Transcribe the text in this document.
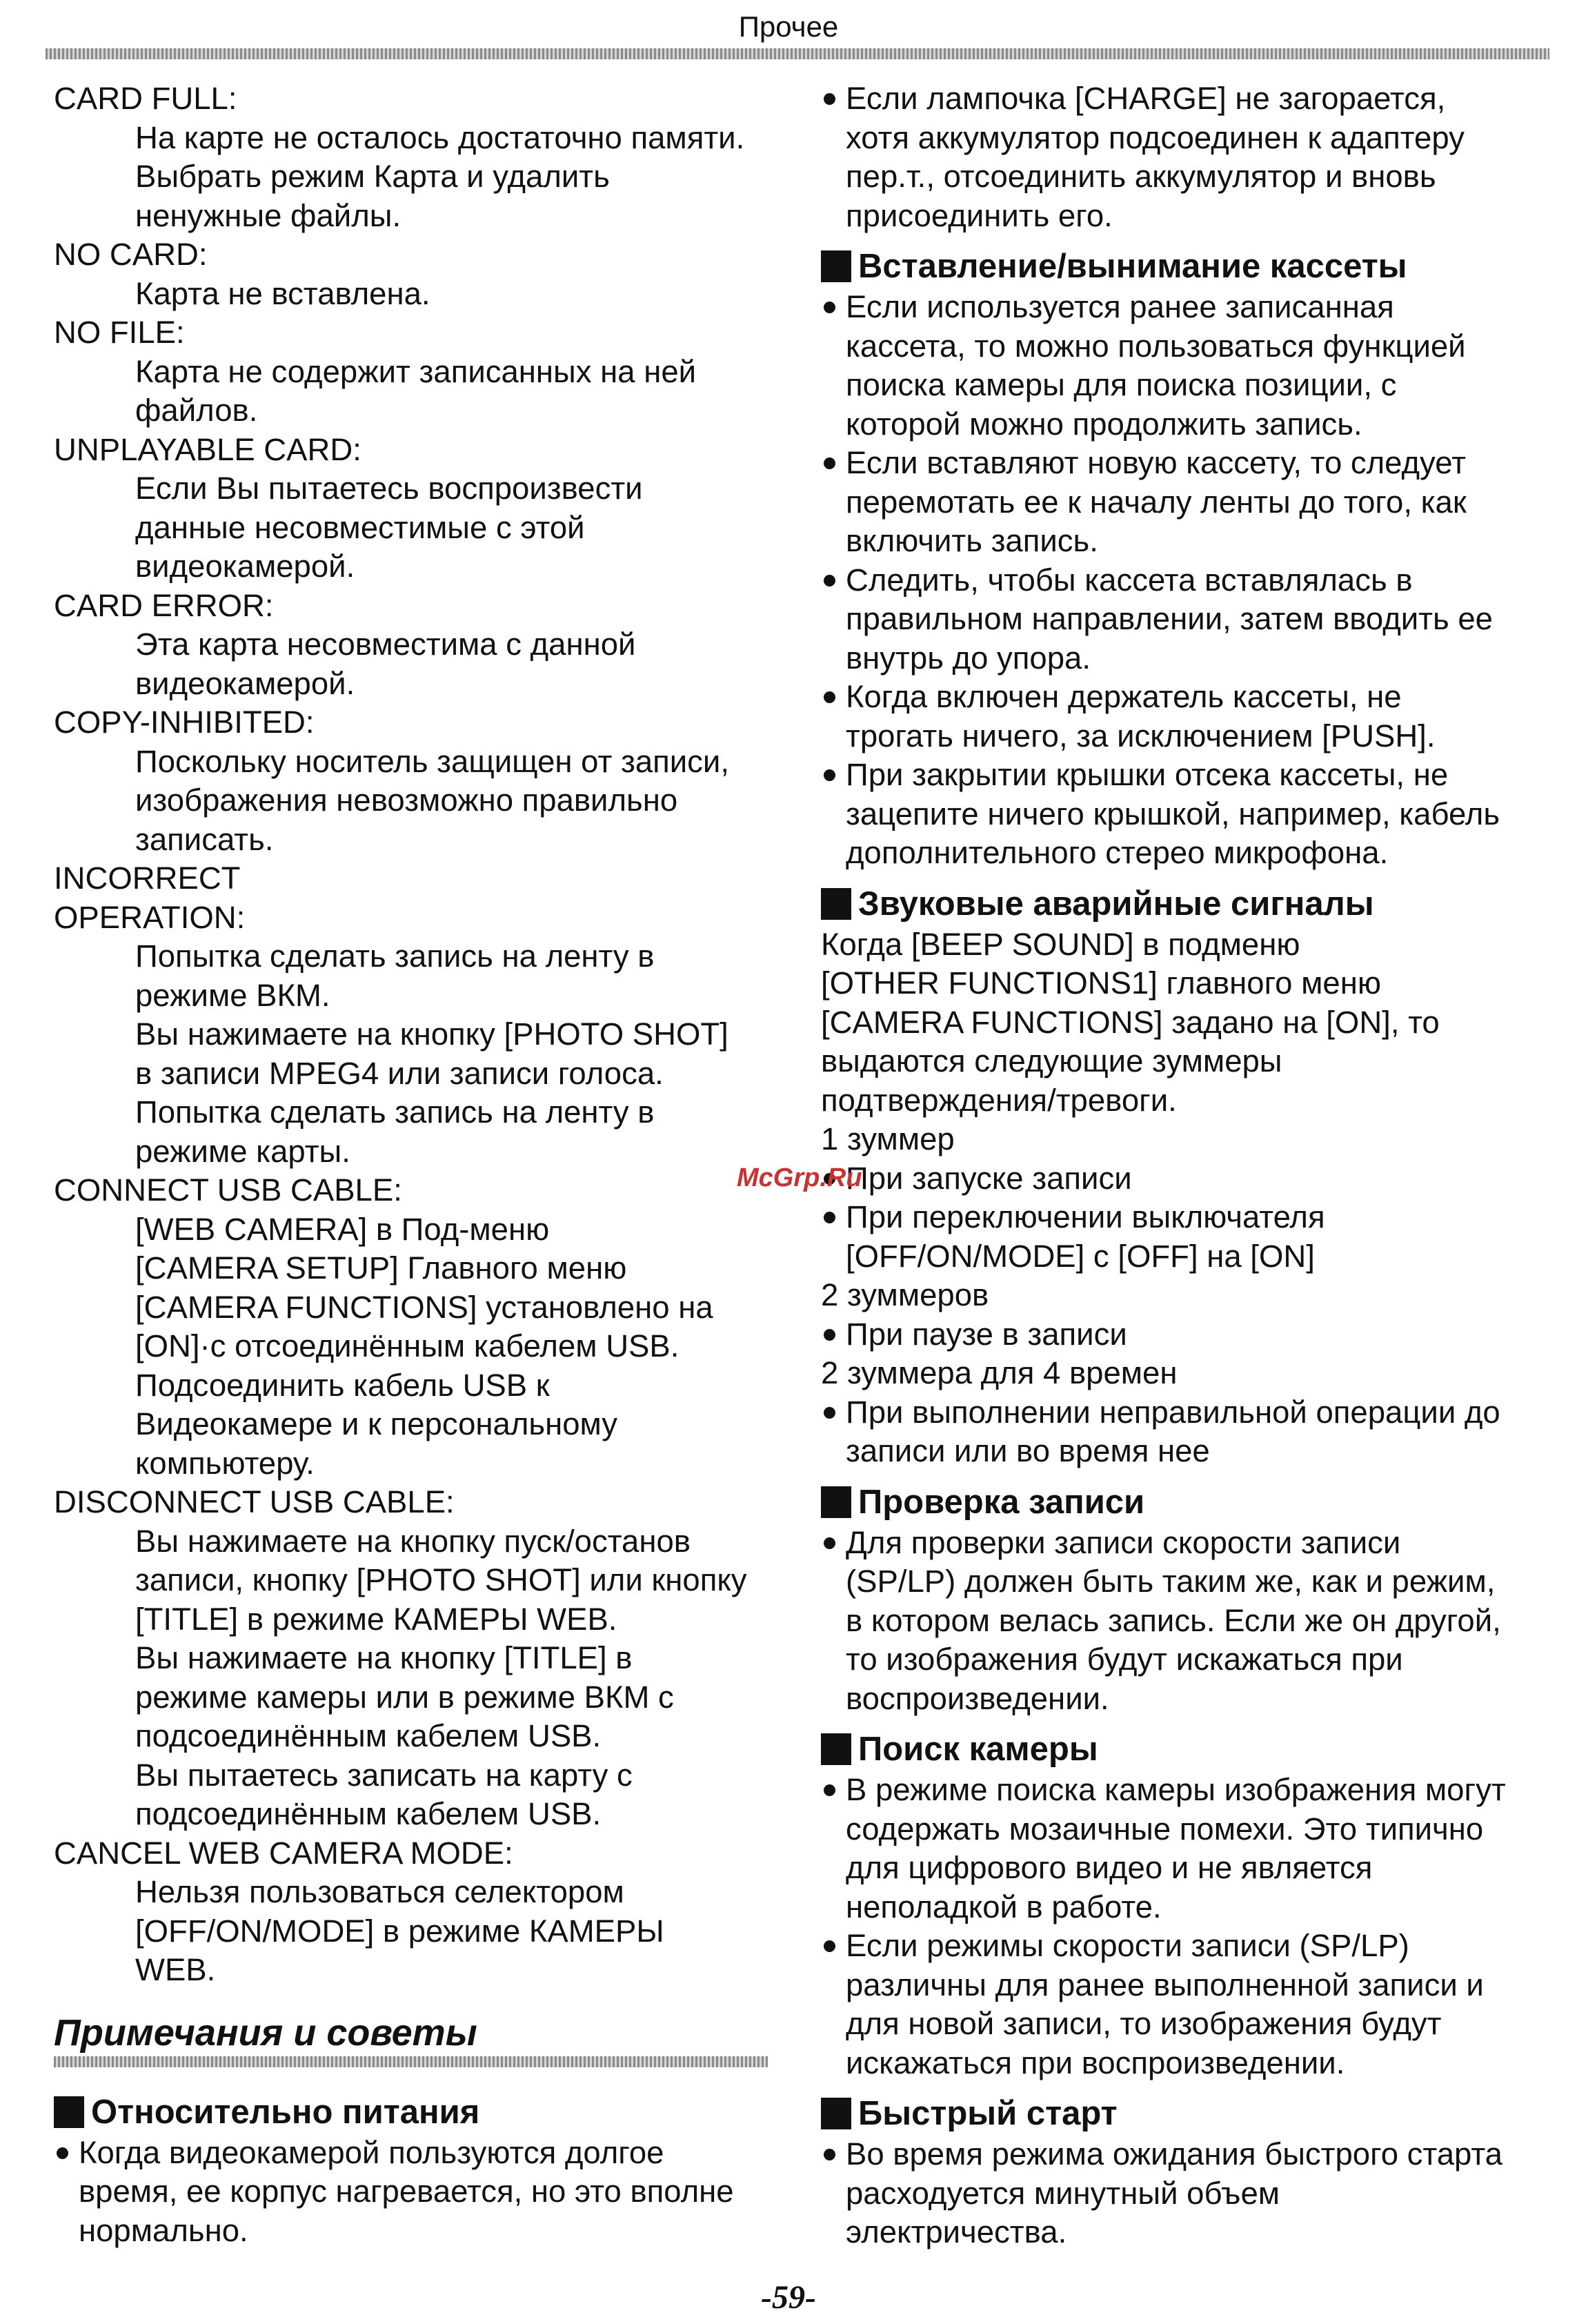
Прочее
CARD FULL:
На карте не осталось достаточно памяти.
Выбрать режим Карта и удалить
ненужные файлы.
NO CARD:
Карта не вставлена.
NO FILE:
Карта не содержит записанных на ней
файлов.
UNPLAYABLE CARD:
Если Вы пытаетесь воспроизвести
данные несовместимые с этой
видеокамерой.
CARD ERROR:
Эта карта несовместима с данной
видеокамерой.
COPY-INHIBITED:
Поскольку носитель защищен от записи,
изображения невозможно правильно
записать.
INCORRECT
OPERATION:
Попытка сделать запись на ленту в
режиме ВКМ.
Вы нажимаете на кнопку [PHOTO SHOT]
в записи MPEG4 или записи голоса.
Попытка сделать запись на ленту в
режиме карты.
CONNECT USB CABLE:
[WEB CAMERA] в Под-меню
[CAMERA SETUP] Главного меню
[CAMERA FUNCTIONS] установлено на
[ON]·с отсоединённым кабелем USB.
Подсоединить кабель USB к
Видеокамере и к персональному
компьютеру.
DISCONNECT USB CABLE:
Вы нажимаете на кнопку пуск/останов
записи, кнопку [PHOTO SHOT] или кнопку
[TITLE] в режиме КАМЕРЫ WEB.
Вы нажимаете на кнопку [TITLE] в
режиме камеры или в режиме ВКМ с
подсоединённым кабелем USB.
Вы пытаетесь записать на карту с
подсоединённым кабелем USB.
CANCEL WEB CAMERA MODE:
Нельзя пользоваться селектором
[OFF/ON/MODE] в режиме КАМЕРЫ
WEB.
Примечания и советы
Относительно питания
Когда видеокамерой пользуются долгое
время, ее корпус нагревается, но это вполне
нормально.
Если лампочка [CHARGE] не загорается,
хотя аккумулятор подсоединен к адаптеру
пер.т., отсоединить аккумулятор и вновь
присоединить его.
Вставление/вынимание кассеты
Если используется ранее записанная
кассета, то можно пользоваться функцией
поиска камеры для поиска позиции, с
которой можно продолжить запись.
Если вставляют новую кассету, то следует
перемотать ее к началу ленты до того, как
включить запись.
Следить, чтобы кассета вставлялась в
правильном направлении, затем вводить ее
внутрь до упора.
Когда включен держатель кассеты, не
трогать ничего, за исключением [PUSH].
При закрытии крышки отсека кассеты, не
зацепите ничего крышкой, например, кабель
дополнительного стерео микрофона.
Звуковые аварийные сигналы
Когда [BEEP SOUND] в подменю
[OTHER FUNCTIONS1] главного меню
[CAMERA FUNCTIONS] задано на [ON], то
выдаются следующие зуммеры
подтверждения/тревоги.
1 зуммер
При запуске записи
При переключении выключателя
[OFF/ON/MODE] с [OFF] на [ON]
2 зуммеров
При паузе в записи
2 зуммера для 4 времен
При выполнении неправильной операции до
записи или во время нее
Проверка записи
Для проверки записи скорости записи
(SP/LP) должен быть таким же, как и режим,
в котором велась запись. Если же он другой,
то изображения будут искажаться при
воспроизведении.
Поиск камеры
В режиме поиска камеры изображения могут
содержать мозаичные помехи. Это типично
для цифрового видео и не является
неполадкой в работе.
Если режимы скорости записи (SP/LP)
различны для ранее выполненной записи и
для новой записи, то изображения будут
искажаться при воспроизведении.
Быстрый старт
Во время режима ожидания быстрого старта
расходуется минутный объем
электричества.
McGrp.Ru
-59-
